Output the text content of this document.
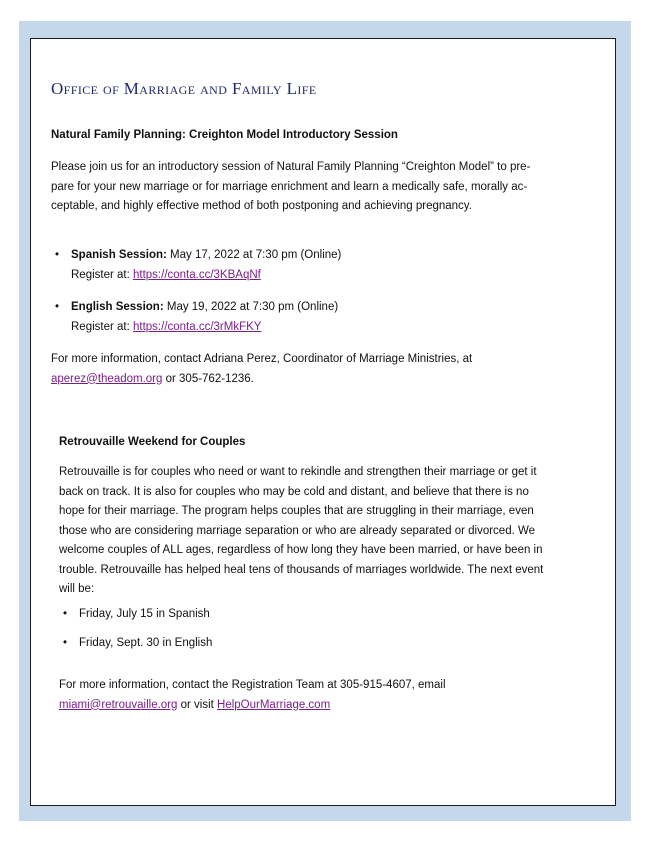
Office of Marriage and Family Life
Natural Family Planning: Creighton Model Introductory Session

Please join us for an introductory session of Natural Family Planning “Creighton Model” to pre-

pare for your new marriage or for marriage enrichment and learn a medically safe, morally ac-

ceptable, and highly effective method of both postponing and achieving pregnancy.

• Spanish Session: May 17, 2022 at 7:30 pm (Online)
Register at: https://conta.cc/3KBAqNf
• English Session: May 19, 2022 at 7:30 pm (Online)
Register at: https://conta.cc/3rMkFKY

For more information, contact Adriana Perez, Coordinator of Marriage Ministries, at

aperez@theadom.org or 305-762-1236.

Retrouvaille Weekend for Couples

Retrouvaille is for couples who need or want to rekindle and strengthen their marriage or get it

back on track. It is also for couples who may be cold and distant, and believe that there is no

hope for their marriage. The program helps couples that are struggling in their marriage, even

those who are considering marriage separation or who are already separated or divorced. We

welcome couples of ALL ages, regardless of how long they have been married, or have been in

trouble. Retrouvaille has helped heal tens of thousands of marriages worldwide. The next event

will be:

• Friday, July 15 in Spanish
• Friday, Sept. 30 in English

For more information, contact the Registration Team at 305-915-4607, email

miami@retrouvaille.org or visit HelpOurMarriage.com
